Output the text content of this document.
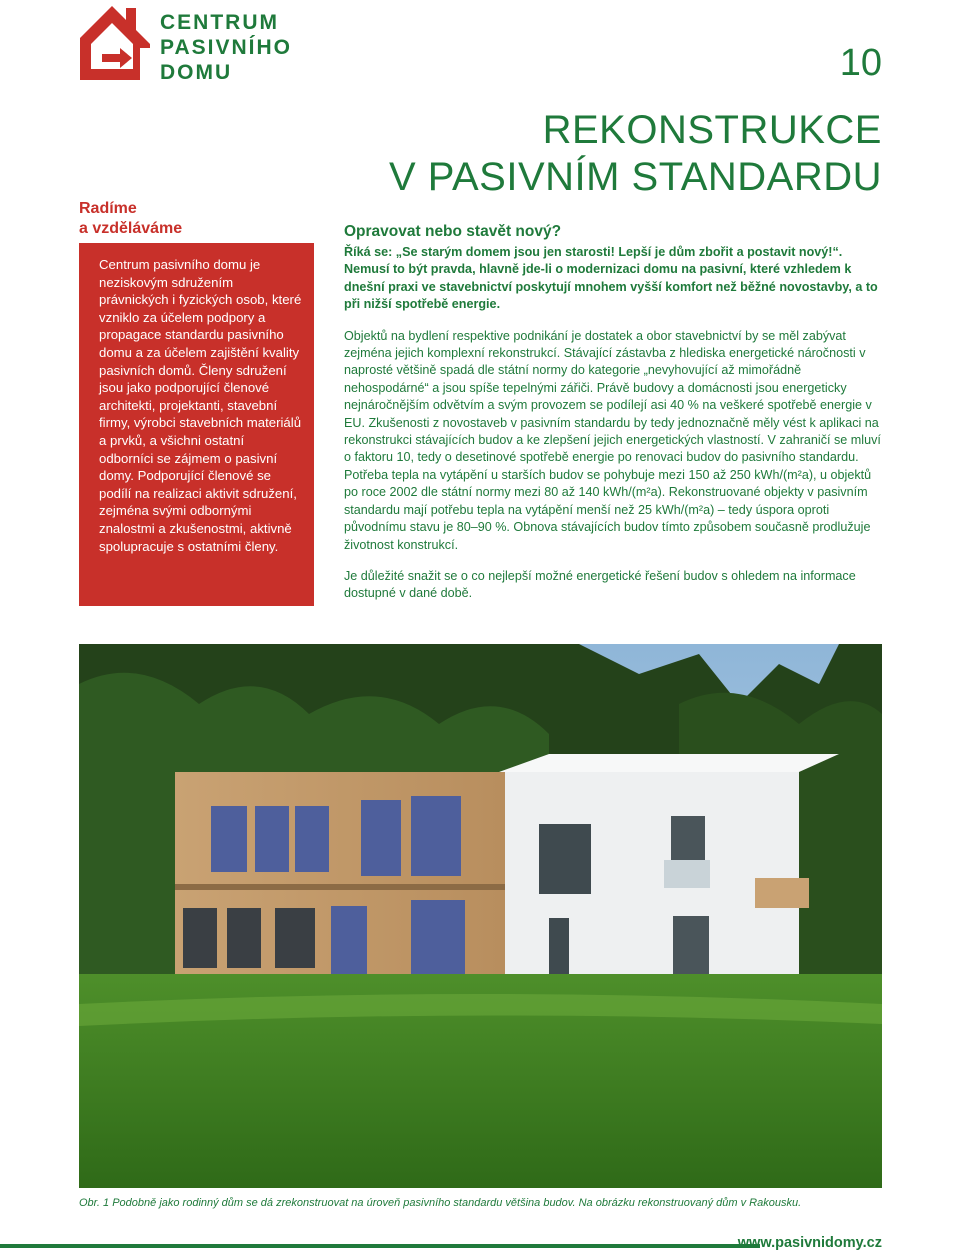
CENTRUM
PASIVNÍHO
DOMU	10
REKONSTRUKCE
V PASIVNÍM STANDARDU
Radíme
a vzděláváme

Centrum pasivního domu je neziskovým sdružením právnických i fyzických osob, které vzniklo za účelem podpory a propagace standardu pasivního domu a za účelem zajištění kvality pasivních domů. Členy sdružení jsou jako podporující členové architekti, projektanti, stavební firmy, výrobci stavebních materiálů a prvků, a všichni ostatní odborníci se zájmem o pasivní domy. Podporující členové se podílí na realizaci aktivit sdružení, zejména svými odbornými znalostmi a zkušenostmi, aktivně spolupracuje s ostatními členy.

Opravovat nebo stavět nový?

Říká se: „Se starým domem jsou jen starosti! Lepší je dům zbořit a postavit nový!“. Nemusí to být pravda, hlavně jde-li o modernizaci domu na pasivní, které vzhledem k dnešní praxi ve stavebnictví poskytují mnohem vyšší komfort než běžné novostavby, a to při nižší spotřebě energie.

Objektů na bydlení respektive podnikání je dostatek a obor stavebnictví by se měl zabývat zejména jejich komplexní rekonstrukcí. Stávající zástavba z hlediska energetické náročnosti v naprosté většině spadá dle státní normy do kategorie „nevyhovující až mimořádně nehospodárné“ a jsou spíše tepelnými zářiči. Právě budovy a domácnosti jsou energeticky nejnáročnějším odvětvím a svým provozem se podílejí asi 40 % na veškeré spotřebě energie v EU. Zkušenosti z novostaveb v pasivním standardu by tedy jednoznačně měly vést k aplikaci na rekonstrukci stávajících budov a ke zlepšení jejich energetických vlastností. V zahraničí se mluví o faktoru 10, tedy o desetinové spotřebě energie po renovaci budov do pasivního standardu. Potřeba tepla na vytápění u starších budov se pohybuje mezi 150 až 250 kWh/(m²a), u objektů po roce 2002 dle státní normy mezi 80 až 140 kWh/(m²a). Rekonstruované objekty v pasivním standardu mají potřebu tepla na vytápění menší než 25 kWh/(m²a) – tedy úspora oproti původnímu stavu je 80–90 %. Obnova stávajících budov tímto způsobem současně prodlužuje životnost konstrukcí.

Je důležité snažit se o co nejlepší možné energetické řešení budov s ohledem na informace dostupné v dané době.

Obr. 1 Podobně jako rodinný dům se dá zrekonstruovat na úroveň pasivního standardu většina budov. Na obrázku rekonstruovaný dům v Rakousku.
www.pasivnidomy.cz
